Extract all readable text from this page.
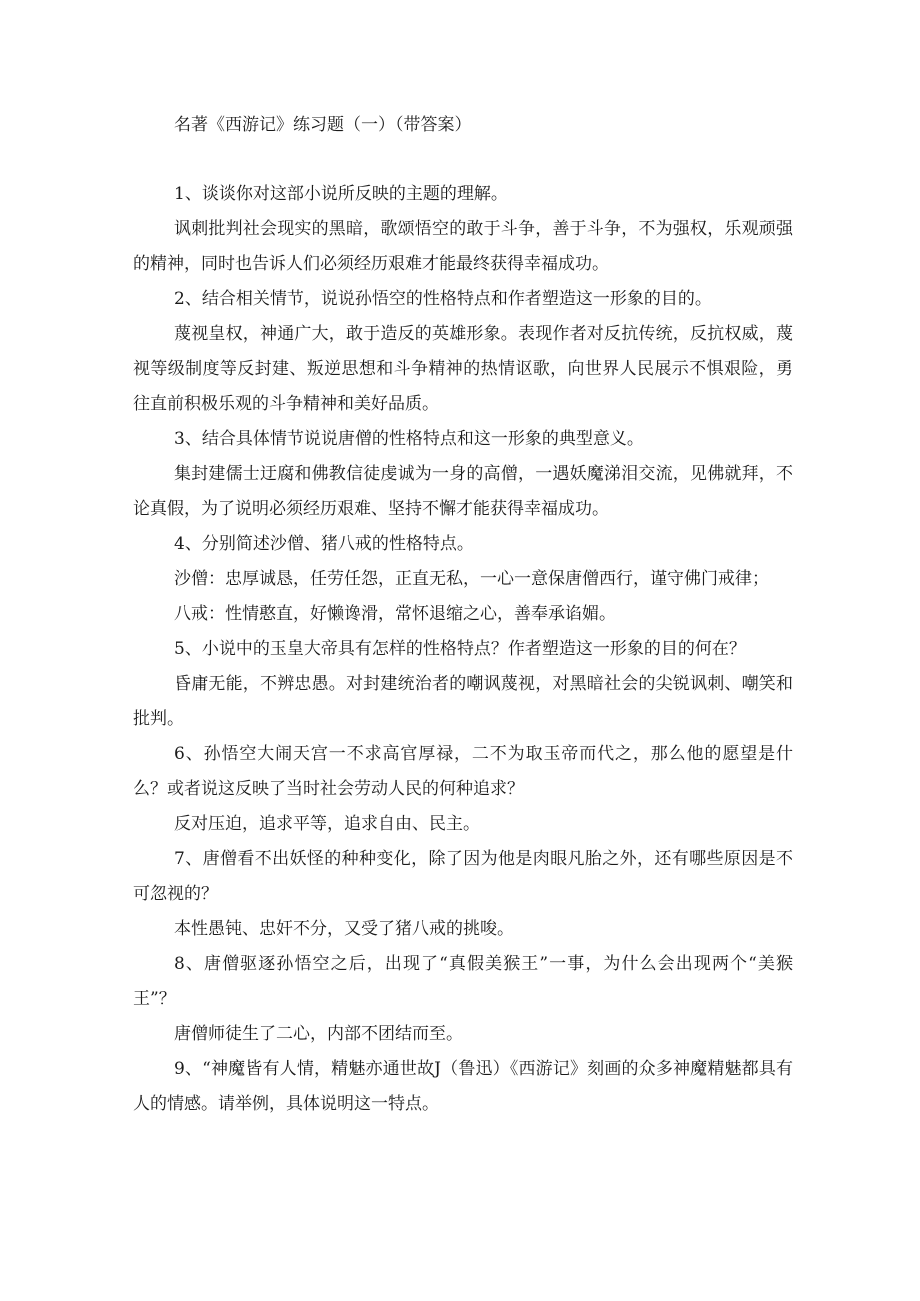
名著《西游记》练习题（一）（带答案）

1、谈谈你对这部小说所反映的主题的理解。

讽刺批判社会现实的黑暗，歌颂悟空的敢于斗争，善于斗争，不为强权，乐观顽强的精神，同时也告诉人们必须经历艰难才能最终获得幸福成功。

2、结合相关情节，说说孙悟空的性格特点和作者塑造这一形象的目的。

蔑视皇权，神通广大，敢于造反的英雄形象。表现作者对反抗传统，反抗权威，蔑视等级制度等反封建、叛逆思想和斗争精神的热情讴歌，向世界人民展示不惧艰险，勇往直前积极乐观的斗争精神和美好品质。

3、结合具体情节说说唐僧的性格特点和这一形象的典型意义。

集封建儒士迂腐和佛教信徒虔诚为一身的高僧，一遇妖魔涕泪交流，见佛就拜，不论真假，为了说明必须经历艰难、坚持不懈才能获得幸福成功。

4、分别简述沙僧、猪八戒的性格特点。

沙僧：忠厚诚恳，任劳任怨，正直无私，一心一意保唐僧西行，谨守佛门戒律；

八戒：性情憨直，好懒谗滑，常怀退缩之心，善奉承谄媚。

5、小说中的玉皇大帝具有怎样的性格特点？作者塑造这一形象的目的何在？

昏庸无能，不辨忠愚。对封建统治者的嘲讽蔑视，对黑暗社会的尖锐讽刺、嘲笑和批判。

6、孙悟空大闹天宫一不求高官厚禄，二不为取玉帝而代之，那么他的愿望是什么？或者说这反映了当时社会劳动人民的何种追求？

反对压迫，追求平等，追求自由、民主。

7、唐僧看不出妖怪的种种变化，除了因为他是肉眼凡胎之外，还有哪些原因是不可忽视的？

本性愚钝、忠奸不分，又受了猪八戒的挑唆。

8、唐僧驱逐孙悟空之后，出现了“真假美猴王”一事，为什么会出现两个“美猴王”？

唐僧师徒生了二心，内部不团结而至。

9、“神魔皆有人情，精魅亦通世故J（鲁迅）《西游记》刻画的众多神魔精魅都具有人的情感。请举例，具体说明这一特点。
